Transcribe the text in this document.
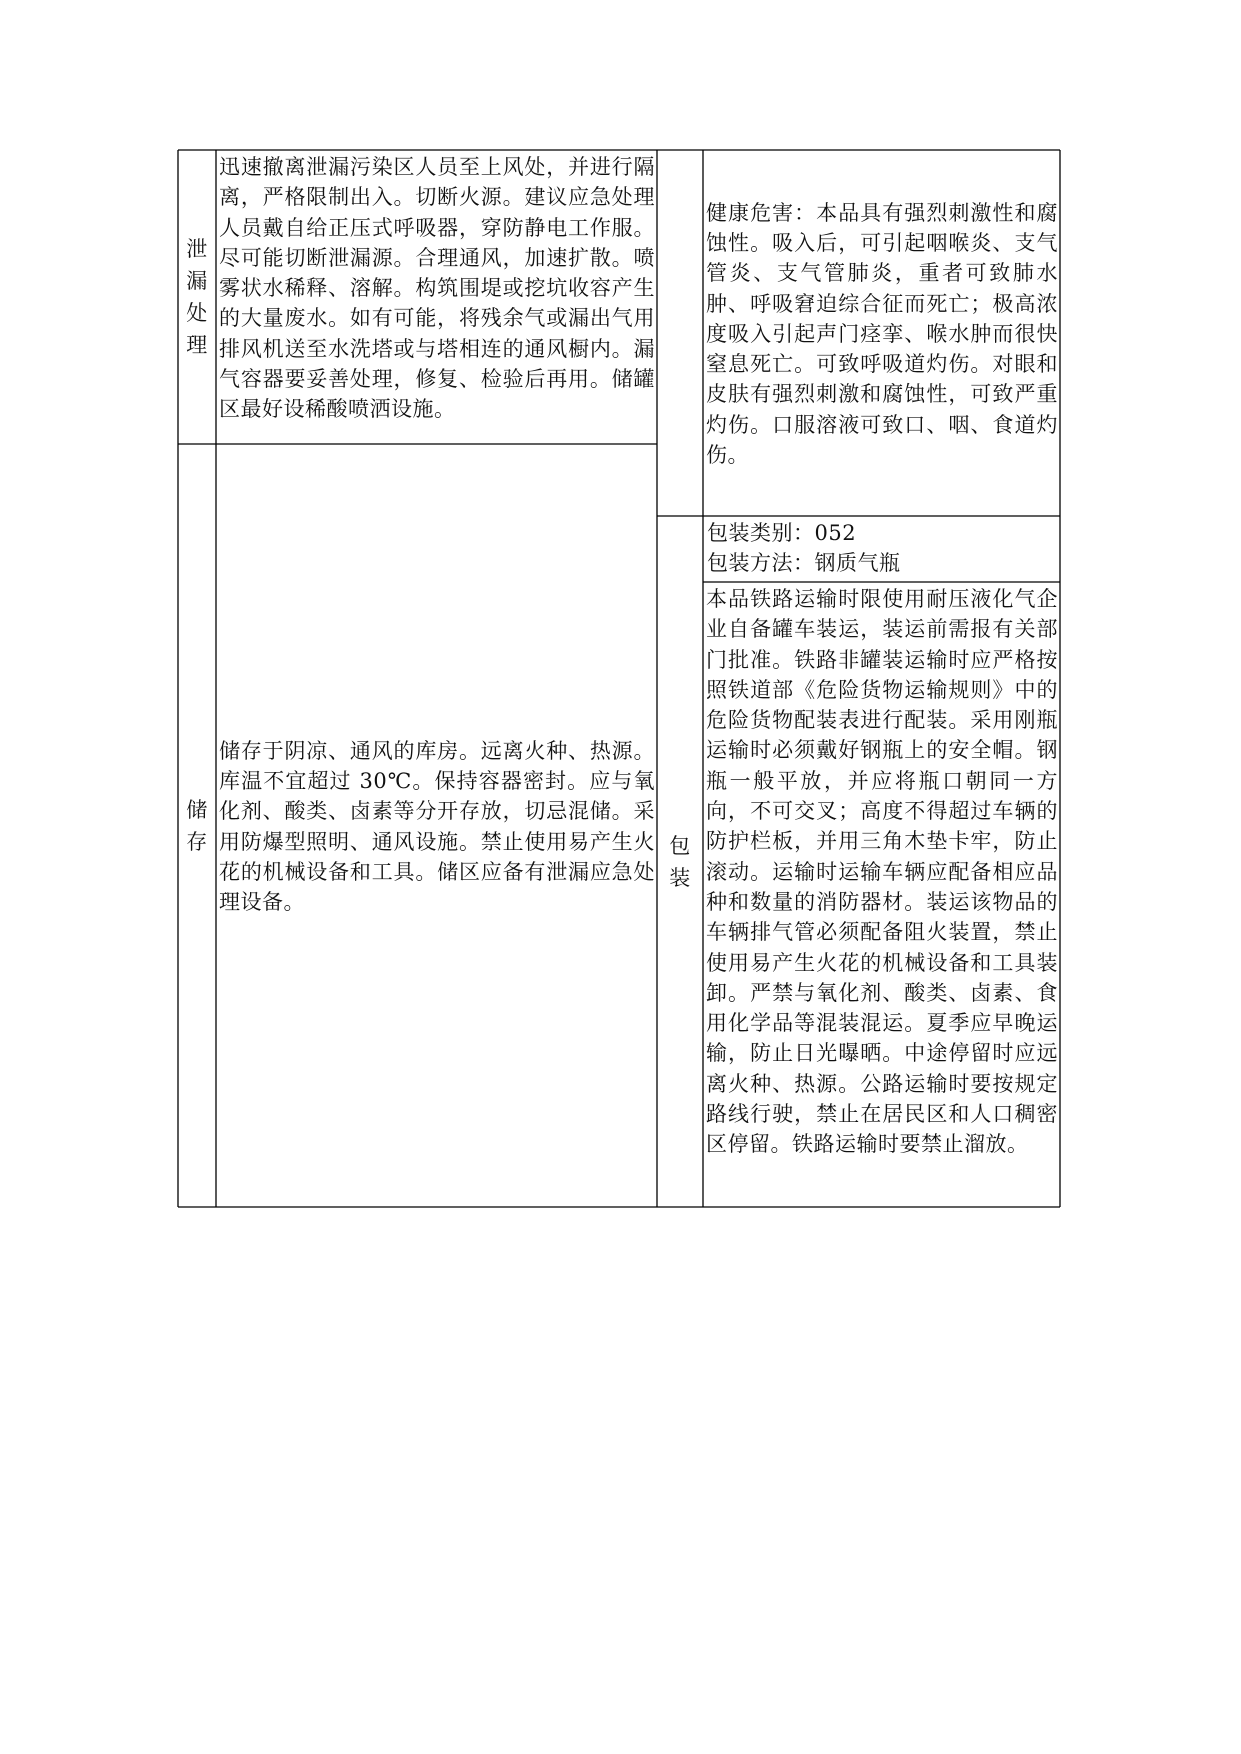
泄漏处理
迅速撤离泄漏污染区人员至上风处，并进行隔离，严格限制出入。切断火源。建议应急处理人员戴自给正压式呼吸器，穿防静电工作服。尽可能切断泄漏源。合理通风，加速扩散。喷雾状水稀释、溶解。构筑围堤或挖坑收容产生的大量废水。如有可能，将残余气或漏出气用排风机送至水洗塔或与塔相连的通风橱内。漏气容器要妥善处理，修复、检验后再用。储罐区最好设稀酸喷洒设施。
健康危害：本品具有强烈刺激性和腐蚀性。吸入后，可引起咽喉炎、支气管炎、支气管肺炎，重者可致肺水肿、呼吸窘迫综合征而死亡；极高浓度吸入引起声门痉挛、喉水肿而很快窒息死亡。可致呼吸道灼伤。对眼和皮肤有强烈刺激和腐蚀性，可致严重灼伤。口服溶液可致口、咽、食道灼伤。
储存
储存于阴凉、通风的库房。远离火种、热源。库温不宜超过 30℃。保持容器密封。应与氧化剂、酸类、卤素等分开存放，切忌混储。采用防爆型照明、通风设施。禁止使用易产生火花的机械设备和工具。储区应备有泄漏应急处理设备。
包装
包装类别：052
包装方法：钢质气瓶
本品铁路运输时限使用耐压液化气企业自备罐车装运，装运前需报有关部门批准。铁路非罐装运输时应严格按照铁道部《危险货物运输规则》中的危险货物配装表进行配装。采用刚瓶运输时必须戴好钢瓶上的安全帽。钢瓶一般平放，并应将瓶口朝同一方向，不可交叉；高度不得超过车辆的防护栏板，并用三角木垫卡牢，防止滚动。运输时运输车辆应配备相应品种和数量的消防器材。装运该物品的车辆排气管必须配备阻火装置，禁止使用易产生火花的机械设备和工具装卸。严禁与氧化剂、酸类、卤素、食用化学品等混装混运。夏季应早晚运输，防止日光曝晒。中途停留时应远离火种、热源。公路运输时要按规定路线行驶，禁止在居民区和人口稠密区停留。铁路运输时要禁止溜放。
